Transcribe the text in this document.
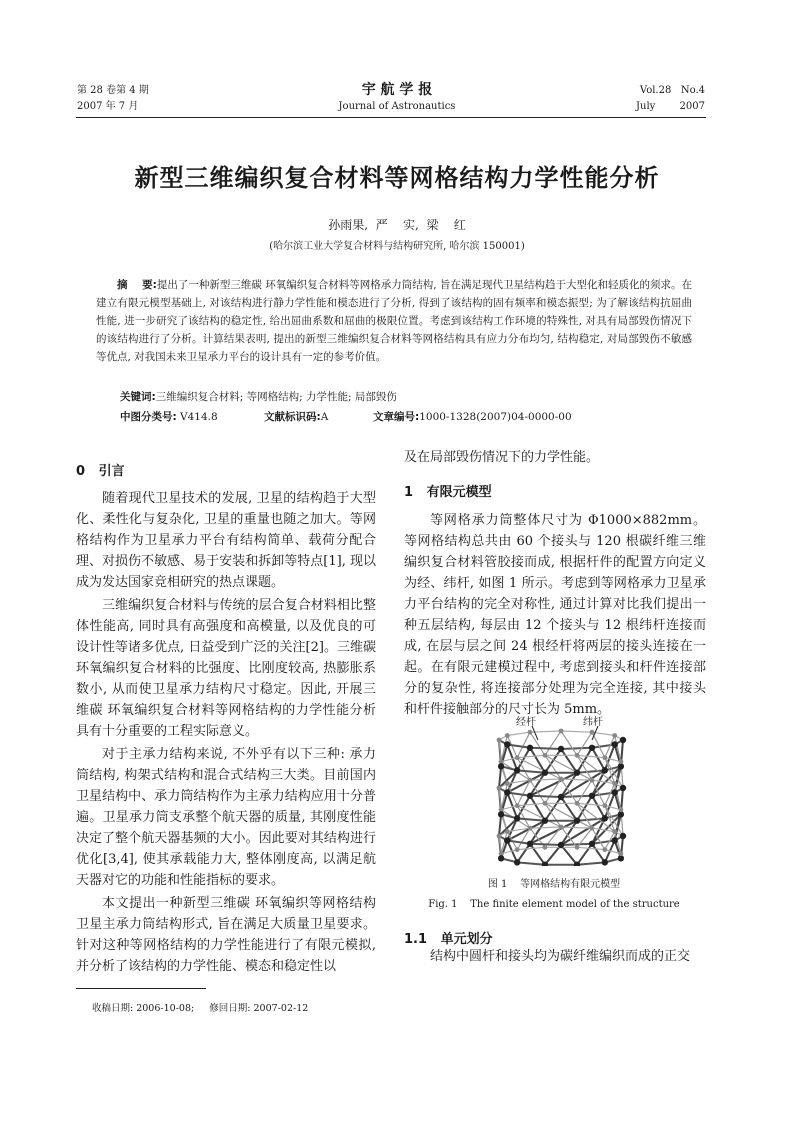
第 28 卷第 4 期
2007 年 7 月
宇 航 学 报
Journal of Astronautics
Vol.28   No.4
July 2007
新型三维编织复合材料等网格结构力学性能分析
孙雨果,  严    实,  梁    红
(哈尔滨工业大学复合材料与结构研究所, 哈尔滨 150001)
摘    要:提出了一种新型三维碳 环氧编织复合材料等网格承力筒结构, 旨在满足现代卫星结构趋于大型化和轻质化的须求。在建立有限元模型基础上, 对该结构进行静力学性能和模态进行了分析, 得到了该结构的固有频率和模态振型; 为了解该结构抗屈曲性能, 进一步研究了该结构的稳定性, 给出屈曲系数和屈曲的极限位置。考虑到该结构工作环境的特殊性, 对具有局部毁伤情况下的该结构进行了分析。计算结果表明, 提出的新型三维编织复合材料等网格结构具有应力分布均匀, 结构稳定, 对局部毁伤不敏感等优点, 对我国未来卫星承力平台的设计具有一定的参考价值。
关键词:三维编织复合材料; 等网格结构; 力学性能; 局部毁伤
中图分类号: V414.8	文献标识码:A	文章编号:1000-1328(2007)04-0000-00
0   引言

随着现代卫星技术的发展, 卫星的结构趋于大型化、柔性化与复杂化, 卫星的重量也随之加大。等网格结构作为卫星承力平台有结构简单、载荷分配合理、对损伤不敏感、易于安装和拆卸等特点[1], 现以成为发达国家竞相研究的热点课题。

三维编织复合材料与传统的层合复合材料相比整体性能高, 同时具有高强度和高模量, 以及优良的可设计性等诸多优点, 日益受到广泛的关注[2]。三维碳 环氧编织复合材料的比强度、比刚度较高, 热膨胀系数小, 从而使卫星承力结构尺寸稳定。因此, 开展三维碳 环氧编织复合材料等网格结构的力学性能分析具有十分重要的工程实际意义。

对于主承力结构来说, 不外乎有以下三种: 承力筒结构, 构架式结构和混合式结构三大类。目前国内卫星结构中、承力筒结构作为主承力结构应用十分普遍。卫星承力筒支承整个航天器的质量, 其刚度性能决定了整个航天器基频的大小。因此要对其结构进行优化[3,4], 使其承载能力大, 整体刚度高, 以满足航天器对它的功能和性能指标的要求。

本文提出一种新型三维碳 环氧编织等网格结构卫星主承力筒结构形式, 旨在满足大质量卫星要求。针对这种等网格结构的力学性能进行了有限元模拟, 并分析了该结构的力学性能、模态和稳定性以

收稿日期: 2006-10-08;     修回日期: 2007-02-12
及在局部毁伤情况下的力学性能。
1   有限元模型

等网格承力筒整体尺寸为 Φ1000×882mm。等网格结构总共由 60 个接头与 120 根碳纤维三维编织复合材料管胶接而成, 根据杆件的配置方向定义为经、纬杆, 如图 1 所示。考虑到等网格承力卫星承力平台结构的完全对称性, 通过计算对比我们提出一种五层结构, 每层由 12 个接头与 12 根纬杆连接而成, 在层与层之间 24 根经杆将两层的接头连接在一起。在有限元建模过程中, 考虑到接头和杆件连接部分的复杂性, 将连接部分处理为完全连接, 其中接头和杆件接触部分的尺寸长为 5mm。

经杆	纬杆
图 1    等网格结构有限元模型
Fig. 1    The finite element model of the structure
1.1   单元划分

结构中圆杆和接头均为碳纤维编织而成的正交
